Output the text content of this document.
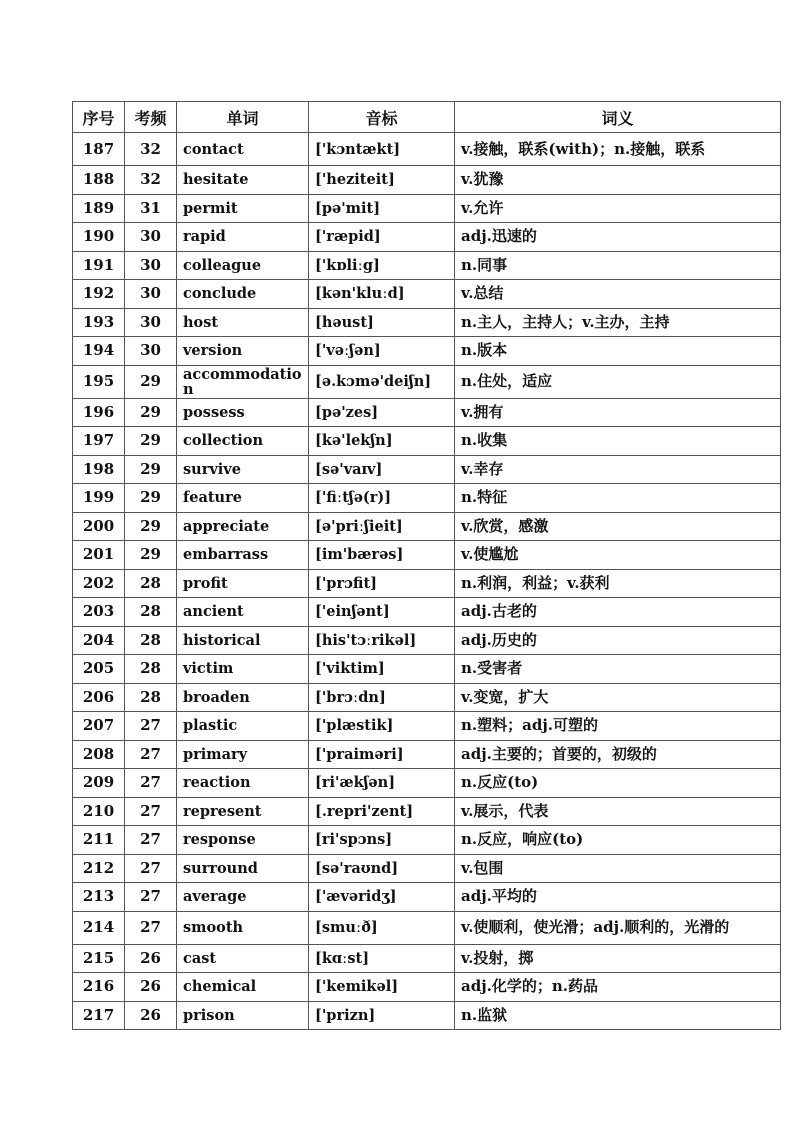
序号	考频	单词	音标	词义
187	32	contact	['kɔntækt]	v.接触，联系(with)；n.接触，联系
188	32	hesitate	['heziteit]	v.犹豫
189	31	permit	[pə'mit]	v.允许
190	30	rapid	['ræpid]	adj.迅速的
191	30	colleague	['kɒliːg]	n.同事
192	30	conclude	[kən'kluːd]	v.总结
193	30	host	[həust]	n.主人，主持人；v.主办，主持
194	30	version	['vəːʃən]	n.版本
195	29	accommodation	[ə.kɔmə'deiʃn]	n.住处，适应
196	29	possess	[pə'zes]	v.拥有
197	29	collection	[kə'lekʃn]	n.收集
198	29	survive	[sə'vaɪv]	v.幸存
199	29	feature	['fiːtʃə(r)]	n.特征
200	29	appreciate	[ə'priːʃieit]	v.欣赏，感激
201	29	embarrass	[im'bærəs]	v.使尴尬
202	28	profit	['prɔfit]	n.利润，利益；v.获利
203	28	ancient	['einʃənt]	adj.古老的
204	28	historical	[his'tɔːrikəl]	adj.历史的
205	28	victim	['viktim]	n.受害者
206	28	broaden	['brɔːdn]	v.变宽，扩大
207	27	plastic	['plæstik]	n.塑料；adj.可塑的
208	27	primary	['praiməri]	adj.主要的；首要的，初级的
209	27	reaction	[ri'ækʃən]	n.反应(to)
210	27	represent	[.repri'zent]	v.展示，代表
211	27	response	[ri'spɔns]	n.反应，响应(to)
212	27	surround	[sə'raʊnd]	v.包围
213	27	average	['ævəridʒ]	adj.平均的
214	27	smooth	[smuːð]	v.使顺利，使光滑；adj.顺利的，光滑的
215	26	cast	[kɑːst]	v.投射，掷
216	26	chemical	['kemikəl]	adj.化学的；n.药品
217	26	prison	['prizn]	n.监狱
